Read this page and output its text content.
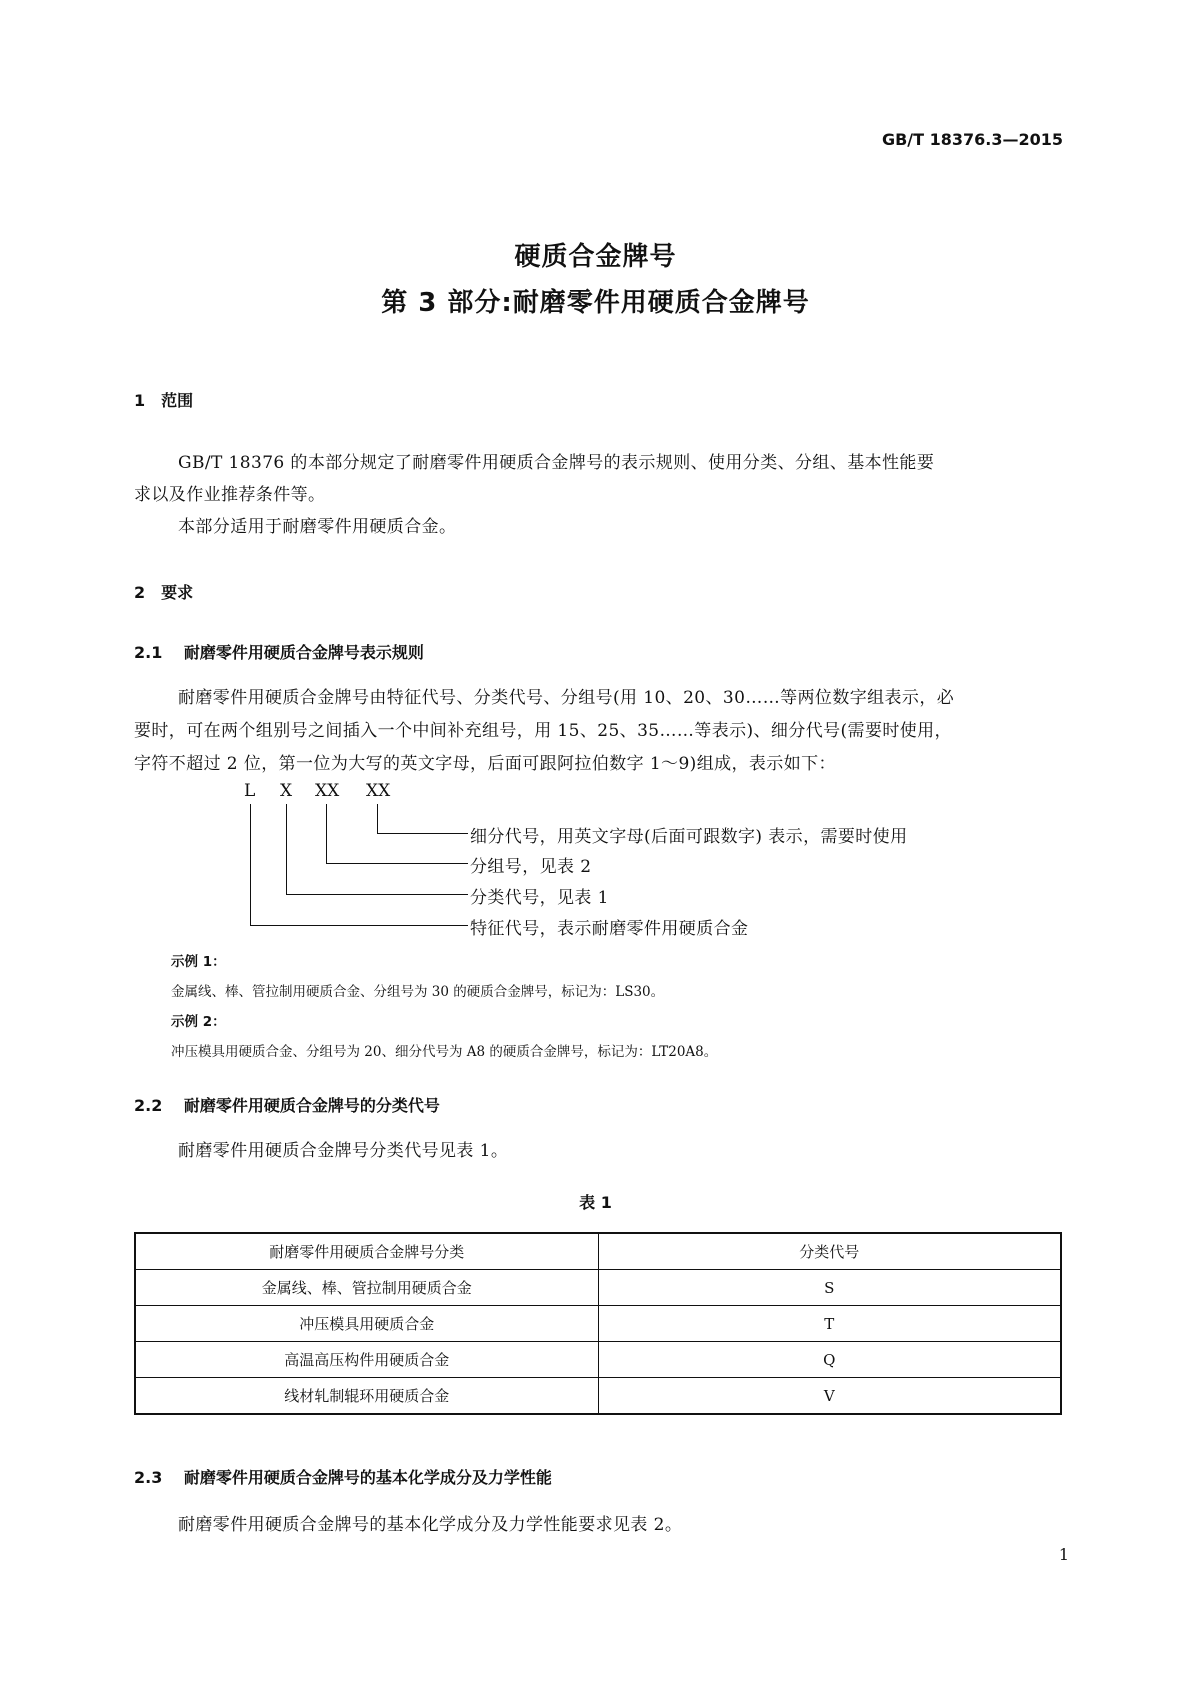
GB/T 18376.3—2015
硬质合金牌号
第 3 部分:耐磨零件用硬质合金牌号
1　范围
GB/T 18376 的本部分规定了耐磨零件用硬质合金牌号的表示规则、使用分类、分组、基本性能要
求以及作业推荐条件等。
本部分适用于耐磨零件用硬质合金。
2　要求
2.1　 耐磨零件用硬质合金牌号表示规则
耐磨零件用硬质合金牌号由特征代号、分类代号、分组号(用 10、20、30……等两位数字组表示，必
要时，可在两个组别号之间插入一个中间补充组号，用 15、25、35……等表示)、细分代号(需要时使用，
字符不超过 2 位，第一位为大写的英文字母，后面可跟阿拉伯数字 1～9)组成，表示如下：
L X XX XX
细分代号，用英文字母(后面可跟数字) 表示，需要时使用
分组号，见表 2
分类代号，见表 1
特征代号，表示耐磨零件用硬质合金
示例 1：
金属线、棒、管拉制用硬质合金、分组号为 30 的硬质合金牌号，标记为：LS30。
示例 2：
冲压模具用硬质合金、分组号为 20、细分代号为 A8 的硬质合金牌号，标记为：LT20A8。
2.2　 耐磨零件用硬质合金牌号的分类代号
耐磨零件用硬质合金牌号分类代号见表 1。
表 1
耐磨零件用硬质合金牌号分类	分类代号
金属线、棒、管拉制用硬质合金	S
冲压模具用硬质合金	T
高温高压构件用硬质合金	Q
线材轧制辊环用硬质合金	V
2.3　 耐磨零件用硬质合金牌号的基本化学成分及力学性能
耐磨零件用硬质合金牌号的基本化学成分及力学性能要求见表 2。
1
